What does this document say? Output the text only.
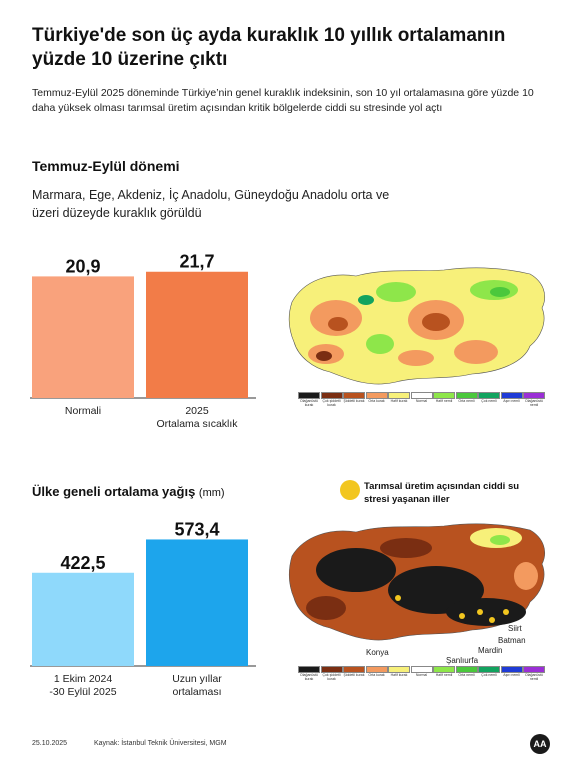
Türkiye'de son üç ayda kuraklık 10 yıllık ortalamanın yüzde 10 üzerine çıktı
Temmuz-Eylül 2025 döneminde Türkiye’nin genel kuraklık indeksinin, son 10 yıl ortalamasına göre yüzde 10 daha yüksek olması tarımsal üretim açısından kritik bölgelerde ciddi su stresinde yol açtı
Temmuz-Eylül dönemi
Marmara, Ege, Akdeniz, İç Anadolu, Güneydoğu Anadolu orta ve üzeri düzeyde kuraklık görüldü
20,9
Normali
21,7
2025
Ortalama sıcaklık
Olağanüstü kurak
Çok şiddetli kurak
Şiddetli kurak	Orta kurak	Hafif kurak	Normal	Hafif nemli	Orta nemli	Çok nemli	Aşırı nemli	Olağanüstü nemli
Ülke geneli ortalama yağış (mm)
422,5
1 Ekim 2024
-30 Eylül 2025
573,4
Uzun yıllar
ortalaması
Tarımsal üretim açısından ciddi su stresi yaşanan iller
Siirt
Batman
Mardin
Şanlıurfa
Konya
Olağanüstü kurak
Çok şiddetli kurak
Şiddetli kurak	Orta kurak	Hafif kurak	Normal	Hafif nemli	Orta nemli	Çok nemli	Aşırı nemli	Olağanüstü nemli
25.10.2025	Kaynak: İstanbul Teknik Üniversitesi, MGM	AA
